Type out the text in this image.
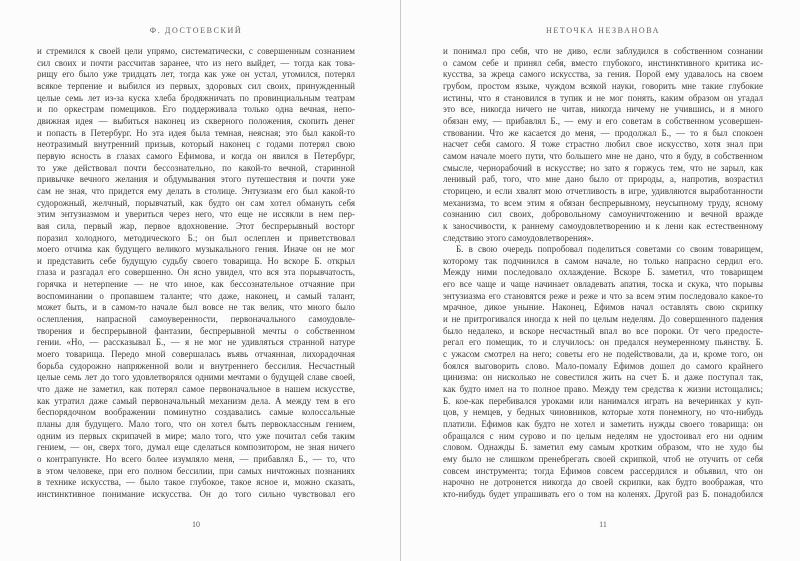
Ф. ДОСТОЕВСКИЙ
и стремился к своей цели упрямо, систематически, с совершенным сознанием
сил своих и почти рассчитав заранее, что из него выйдет, — тогда как това-
рищу его было уже тридцать лет, тогда как уже он устал, утомился, потерял
всякое терпение и выбился из первых, здоровых сил своих, принужденный
целые семь лет из-за куска хлеба бродяжничать по провинциальным театрам
и по оркестрам помещиков. Его поддерживала только одна вечная, непо-
движная идея — выбиться наконец из скверного положения, скопить денег
и попасть в Петербург. Но эта идея была темная, неясная; это был какой-то
неотразимый внутренний призыв, который наконец с годами потерял свою
первую ясность в глазах самого Ефимова, и когда он явился в Петербург,
то уже действовал почти бессознательно, по какой-то вечной, старинной
привычке вечного желания и обдумывания этого путешествия и почти уже
сам не зная, что придется ему делать в столице. Энтузиазм его был какой-то
судорожный, желчный, порывчатый, как будто он сам хотел обмануть себя
этим энтузиазмом и увериться через него, что еще не иссякли в нем пер-
вая сила, первый жар, первое вдохновение. Этот беспрерывный восторг
поразил холодного, методического Б.; он был ослеплен и приветствовал
моего отчима как будущего великого музыкального гения. Иначе он не мог
и представить себе будущую судьбу своего товарища. Но вскоре Б. открыл
глаза и разгадал его совершенно. Он ясно увидел, что вся эта порывчатость,
горячка и нетерпение — не что иное, как бессознательное отчаяние при
воспоминании о пропавшем таланте; что даже, наконец, и самый талант,
может быть, и в самом-то начале был вовсе не так велик, что много было
ослепления, напрасной самоуверенности, первоначального самоудовле-
творения и беспрерывной фантазии, беспрерывной мечты о собственном
гении. «Но, — рассказывал Б., — я не мог не удивляться странной натуре
моего товарища. Передо мной совершалась въявь отчаянная, лихорадочная
борьба судорожно напряженной воли и внутреннего бессилия. Несчастный
целые семь лет до того удовлетворялся одними мечтами о будущей славе своей,
что даже не заметил, как потерял самое первоначальное в нашем искусстве,
как утратил даже самый первоначальный механизм дела. А между тем в его
беспорядочном воображении поминутно создавались самые колоссальные
планы для будущего. Мало того, что он хотел быть первоклассным гением,
одним из первых скрипачей в мире; мало того, что уже почитал себя таким
гением, — он, сверх того, думал еще сделаться композитором, не зная ничего
о контрапункте. Но всего более изумляло меня, — прибавлял Б., — то, что
в этом человеке, при его полном бессилии, при самых ничтожных познаниях
в технике искусства, — было такое глубокое, такое ясное и, можно сказать,
инстинктивное понимание искусства. Он до того сильно чувствовал его
10
НЕТОЧКА НЕЗВАНОВА
и понимал про себя, что не диво, если заблудился в собственном сознании
о самом себе и принял себя, вместо глубокого, инстинктивного критика ис-
кусства, за жреца самого искусства, за гения. Порой ему удавалось на своем
грубом, простом языке, чуждом всякой науки, говорить мне такие глубокие
истины, что я становился в тупик и не мог понять, каким образом он угадал
это все, никогда ничего не читав, никогда ничему не учившись, и я много
обязан ему, — прибавлял Б., — ему и его советам в собственном усовершен-
ствовании. Что же касается до меня, — продолжал Б., — то я был спокоен
насчет себя самого. Я тоже страстно любил свое искусство, хотя знал при
самом начале моего пути, что большего мне не дано, что я буду, в собственном
смысле, чернорабочий в искусстве; но зато я горжусь тем, что не зарыл, как
ленивый раб, того, что мне дано было от природы, а, напротив, возрастил
сторицею, и если хвалят мою отчетливость в игре, удивляются выработанности
механизма, то всем этим я обязан беспрерывному, неусыпному труду, ясному
сознанию сил своих, добровольному самоуничтожению и вечной вражде
к заносчивости, к раннему самоудовлетворению и к лени как естественному
следствию этого самоудовлетворения».
Б. в свою очередь попробовал поделиться советами со своим товарищем,
которому так подчинился в самом начале, но только напрасно сердил его.
Между ними последовало охлаждение. Вскоре Б. заметил, что товарищем
его все чаще и чаще начинает овладевать апатия, тоска и скука, что порывы
энтузиазма его становятся реже и реже и что за всем этим последовало какое-то
мрачное, дикое уныние. Наконец, Ефимов начал оставлять свою скрипку
и не притрогивался иногда к ней по целым неделям. До совершенного падения
было недалеко, и вскоре несчастный впал во все пороки. От чего предосте-
регал его помещик, то и случилось: он предался неумеренному пьянству. Б.
с ужасом смотрел на него; советы его не подействовали, да и, кроме того, он
боялся выговорить слово. Мало-помалу Ефимов дошел до самого крайнего
цинизма: он нисколько не совестился жить на счет Б. и даже поступал так,
как будто имел на то полное право. Между тем средства к жизни истощались;
Б. кое-как перебивался уроками или нанимался играть на вечеринках у куп-
цов, у немцев, у бедных чиновников, которые хотя понемногу, но что-нибудь
платили. Ефимов как будто не хотел и заметить нужды своего товарища: он
обращался с ним сурово и по целым неделям не удостоивал его ни одним
словом. Однажды Б. заметил ему самым кротким образом, что не худо бы
ему было не слишком пренебрегать своей скрипкой, чтоб не отучить от себя
совсем инструмента; тогда Ефимов совсем рассердился и объявил, что он
нарочно не дотронется никогда до своей скрипки, как будто воображая, что
кто-нибудь будет упрашивать его о том на коленях. Другой раз Б. понадобился
11
